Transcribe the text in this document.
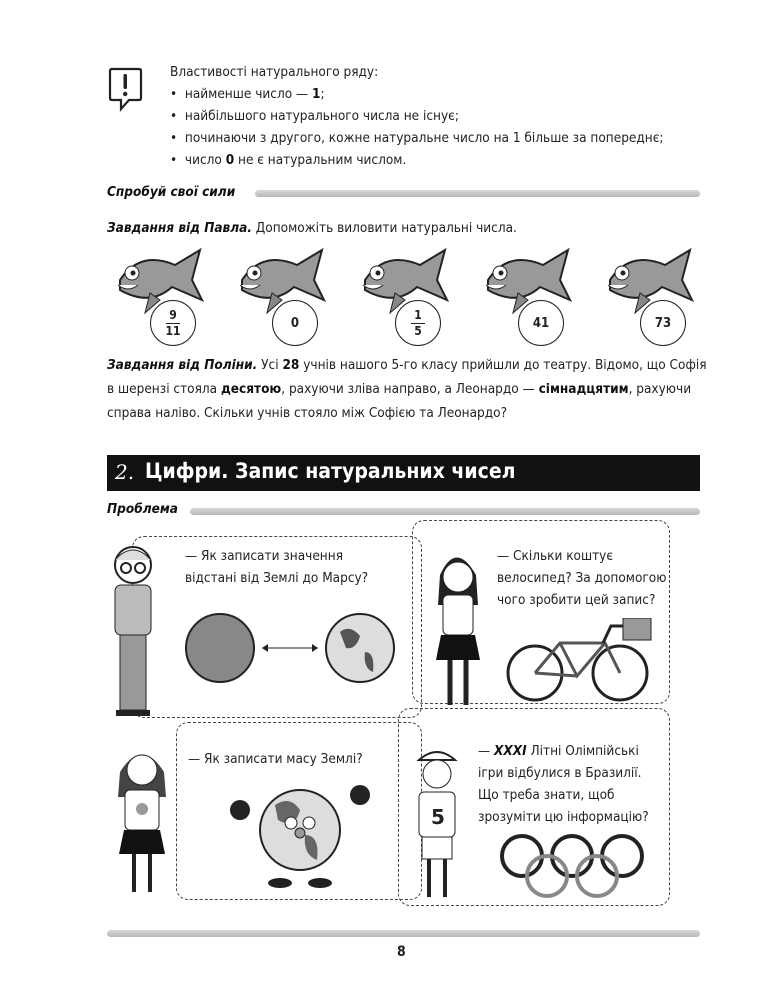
Властивості натурального ряду:
•  найменше число — 1;
•  найбільшого натурального числа не існує;
•  починаючи з другого, кожне натуральне число на 1 більше за попереднє;
•  число 0 не є натуральним числом.
Спробуй свої сили
Завдання від Павла. Допоможіть виловити натуральні числа.
$\frac{9}{11}$	0	$\frac{1}{5}$	41	73
Завдання від Поліни. Усі 28 учнів нашого 5-го класу прийшли до театру. Відомо, що Софія
в шерензі стояла десятою, рахуючи зліва направо, а Леонардо — сімнадцятим, рахуючи
справа наліво. Скільки учнів стояло між Софією та Леонардо?
2. Цифри. Запис натуральних чисел
Проблема
— Як записати значення
відстані від Землі до Марсу?
— Скільки коштує
велосипед? За допомогою
чого зробити цей запис?
— Як записати масу Землі?	— XXXI Літні Олімпійські
ігри відбулися в Бразилії.
Що треба знати, щоб
зрозуміти цю інформацію?
5
8
